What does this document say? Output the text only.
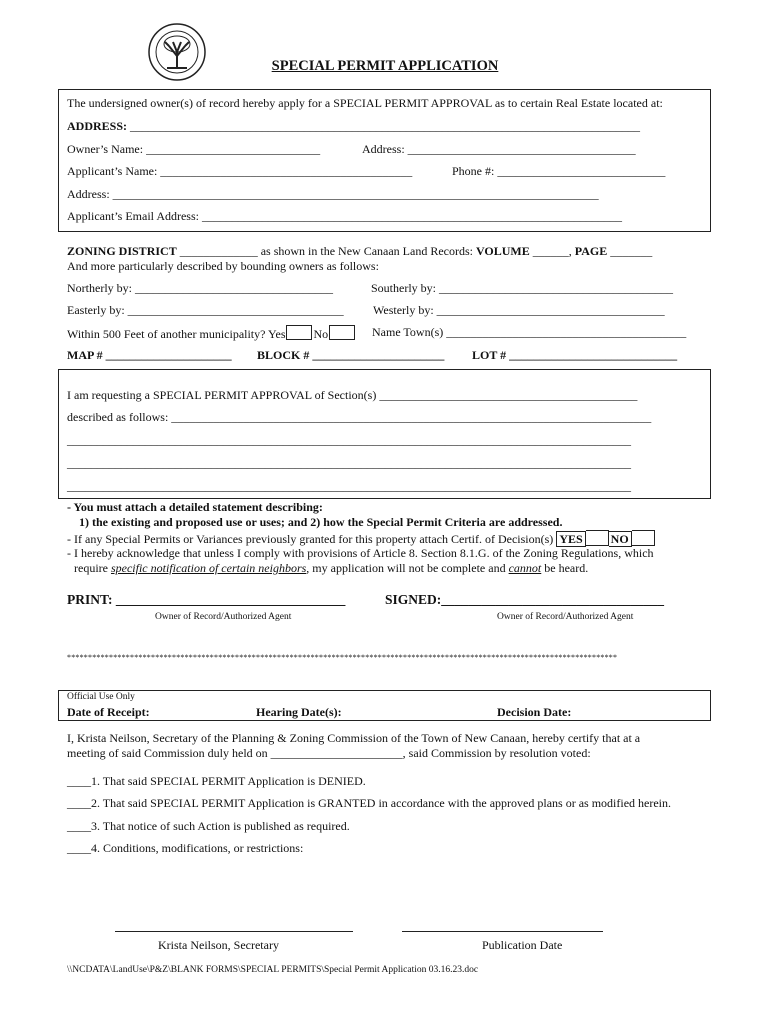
SPECIAL PERMIT APPLICATION
The undersigned owner(s) of record hereby apply for a SPECIAL PERMIT APPROVAL as to certain Real Estate located at:
ADDRESS: _____________________________________________________________________________________
Owner’s Name: _____________________________	Address: ______________________________________
Applicant’s Name: __________________________________________	Phone #: ____________________________
Address: _________________________________________________________________________________
Applicant’s Email Address: ______________________________________________________________________
ZONING DISTRICT _____________ as shown in the New Canaan Land Records: VOLUME ______, PAGE _______
And more particularly described by bounding owners as follows:
Northerly by: _________________________________	Southerly by: _______________________________________
Easterly by: ____________________________________ Westerly by: ______________________________________
Within 500 Feet of another municipality? Yes No	Name Town(s) ________________________________________
MAP # _____________________ BLOCK # ______________________ LOT # ____________________________
I am requesting a SPECIAL PERMIT APPROVAL of Section(s) ___________________________________________
described as follows: ________________________________________________________________________________
______________________________________________________________________________________________
______________________________________________________________________________________________
______________________________________________________________________________________________
- You must attach a detailed statement describing:
1) the existing and proposed use or uses; and 2) how the Special Permit Criteria are addressed.
- If any Special Permits or Variances previously granted for this property attach Certif. of Decision(s) YES NO
- I hereby acknowledge that unless I comply with provisions of Article 8. Section 8.1.G. of the Zoning Regulations, which
require specific notification of certain neighbors, my application will not be complete and cannot be heard.
PRINT: __________________________________	SIGNED:_________________________________
Owner of Record/Authorized Agent	Owner of Record/Authorized Agent
***********************************************************************************************************************************
Official Use Only
Date of Receipt:	Hearing Date(s):	Decision Date:
I, Krista Neilson, Secretary of the Planning & Zoning Commission of the Town of New Canaan, hereby certify that at a
meeting of said Commission duly held on ______________________, said Commission by resolution voted:
____1. That said SPECIAL PERMIT Application is DENIED.
____2. That said SPECIAL PERMIT Application is GRANTED in accordance with the approved plans or as modified herein.
____3. That notice of such Action is published as required.
____4. Conditions, modifications, or restrictions:
Krista Neilson, Secretary	Publication Date
\\NCDATA\LandUse\P&Z\BLANK FORMS\SPECIAL PERMITS\Special Permit Application 03.16.23.doc
